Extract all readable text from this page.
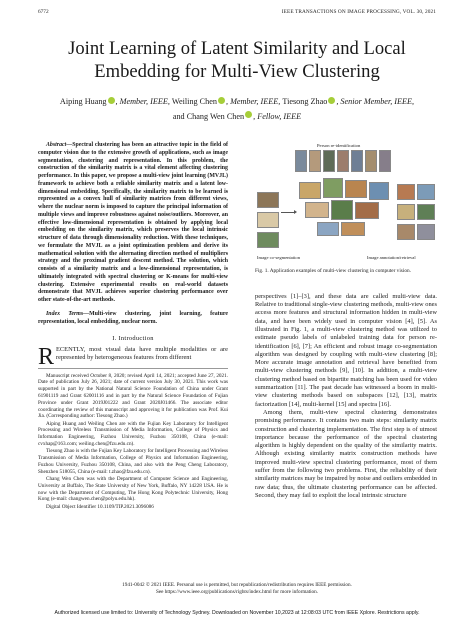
6772	IEEE TRANSACTIONS ON IMAGE PROCESSING, VOL. 30, 2021
Joint Learning of Latent Similarity and Local
Embedding for Multi-View Clustering
Aiping Huang , Member, IEEE, Weiling Chen , Member, IEEE, Tiesong Zhao , Senior Member, IEEE,
and Chang Wen Chen , Fellow, IEEE
Abstract—Spectral clustering has been an attractive topic in the field of computer vision due to the extensive growth of applications, such as image segmentation, clustering and representation. In this problem, the construction of the similarity matrix is a vital element affecting clustering performance. In this paper, we propose a multi-view joint learning (MVJL) framework to achieve both a reliable similarity matrix and a latent low-dimensional embedding. Specifically, the similarity matrix to be learned is represented as a convex hull of similarity matrices from different views, where the nuclear norm is imposed to capture the principal information of multiple views and improve robustness against noise/outliers. Moreover, an effective low-dimensional representation is obtained by applying local embedding on the similarity matrix, which preserves the local intrinsic structure of data through dimensionality reduction. With these techniques, we formulate the MVJL as a joint optimization problem and derive its mathematical solution with the alternating direction method of multipliers strategy and the proximal gradient descent method. The solution, which consists of a similarity matrix and a low-dimensional representation, is ultimately integrated with spectral clustering or K-means for multi-view clustering. Extensive experimental results on real-world datasets demonstrate that MVJL achieves superior clustering performance over other state-of-the-art methods.
Index Terms—Multi-view clustering, joint learning, feature representation, local embedding, nuclear norm.
I. Introduction
RECENTLY, most visual data have multiple modalities or are represented by heterogeneous features from different

Manuscript received October 8, 2020; revised April 14, 2021; accepted June 27, 2021. Date of publication July 26, 2021; date of current version July 30, 2021. This work was supported in part by the National Natural Science Foundation of China under Grant 61901119 and Grant 62001116 and in part by the Natural Science Foundation of Fujian Province under Grant 2019J01222 and Grant 2020J01466. The associate editor coordinating the review of this manuscript and approving it for publication was Prof. Kui Jia. (Corresponding author: Tiesong Zhao.)

Aiping Huang and Weiling Chen are with the Fujian Key Laboratory for Intelligent Processing and Wireless Transmission of Media Information, College of Physics and Information Engineering, Fuzhou University, Fuzhou 350108, China (e-mail: cvxhap@163.com; weiling.chen@fzu.edu.cn).

Tiesong Zhao is with the Fujian Key Laboratory for Intelligent Processing and Wireless Transmission of Media Information, College of Physics and Information Engineering, Fuzhou University, Fuzhou 350108, China, and also with the Peng Cheng Laboratory, Shenzhen 518055, China (e-mail: t.zhao@fzu.edu.cn).

Chang Wen Chen was with the Department of Computer Science and Engineering, University at Buffalo, The State University of New York, Buffalo, NY 14228 USA. He is now with the Department of Computing, The Hong Kong Polytechnic University, Hong Kong (e-mail: changwen.chen@polyu.edu.hk).

Digital Object Identifier 10.1109/TIP.2021.3096086

Person re-identification
Image co-segmentation	Image annotation/retrieval
Fig. 1. Application examples of multi-view clustering in computer vision.

perspectives [1]–[3], and these data are called multi-view data. Relative to traditional single-view clustering methods, multi-view ones access more features and structural information hidden in multi-view data, and have been widely used in computer vision [4], [5]. As illustrated in Fig. 1, a multi-view clustering method was utilized to estimate pseudo labels of unlabeled training data for person re-identification [6], [7]; An efficient and robust image co-segmentation algorithm was designed by coupling with multi-view clustering [8]; More accurate image annotation and retrieval have benefited from multi-view clustering methods [9], [10]. In addition, a multi-view clustering method based on bipartite matching has been used for video summarization [11]. The past decade has witnessed a boom in multi-view clustering methods based on subspaces [12], [13], matrix factorization [14], multi-kernel [15] and spectra [16].

Among them, multi-view spectral clustering demonstrates promising performance. It contains two main steps: similarity matrix construction and clustering implementation. The first step is of utmost importance because the performance of the spectral clustering algorithm is highly dependent on the quality of the similarity matrix. Although existing similarity matrix construction methods have improved multi-view spectral clustering performance, most of them suffer from the following two problems. First, the reliability of their similarity matrices may be impaired by noise and outliers embedded in raw data; thus, the ultimate clustering performance can be affected. Second, they may fail to exploit the local intrinsic structure

1941-0042 © 2021 IEEE. Personal use is permitted, but republication/redistribution requires IEEE permission.
See https://www.ieee.org/publications/rights/index.html for more information.
Authorized licensed use limited to: University of Technology Sydney. Downloaded on November 10,2023 at 12:08:03 UTC from IEEE Xplore. Restrictions apply.
